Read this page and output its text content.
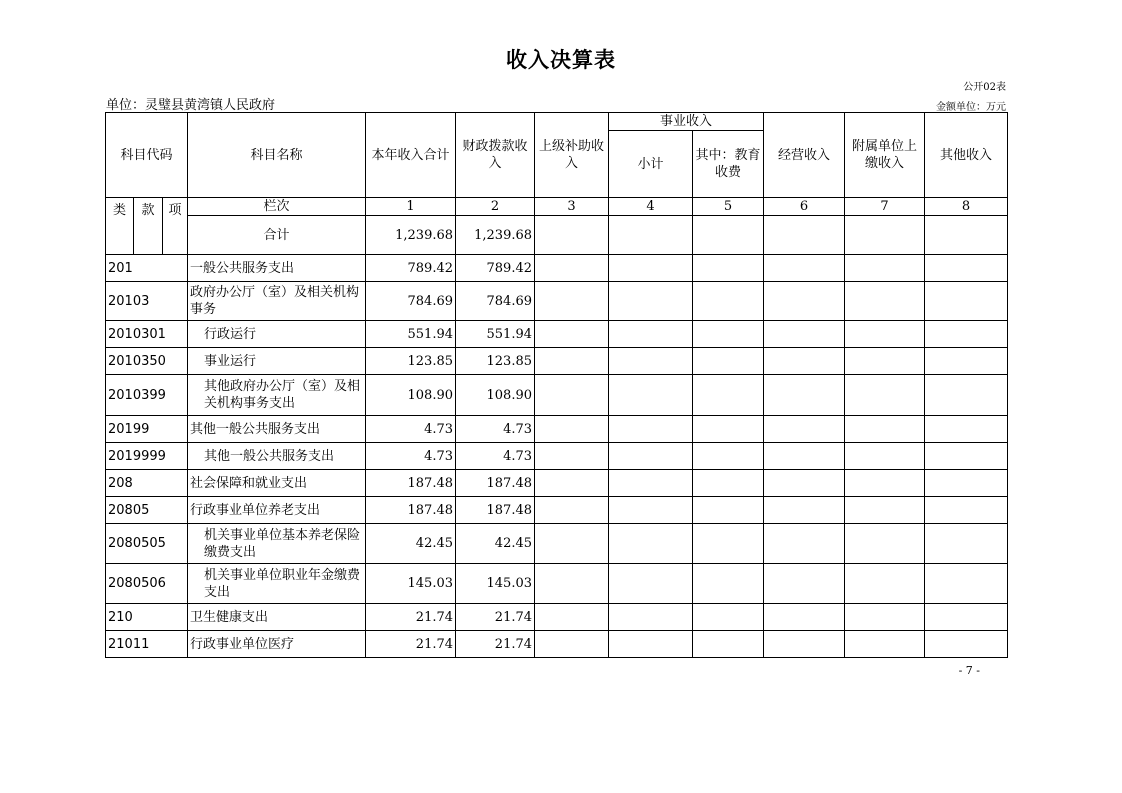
收入决算表
公开02表
单位：灵璧县黄湾镇人民政府	金额单位：万元
科目代码	科目名称	本年收入合计	财政拨款收入	上级补助收入	事业收入		经营收入	附属单位上缴收入	其他收入
					小计	其中：教育收费			

类 款 项	栏次	1	2	3	4	5	6	7	8
	合计	1,239.68	1,239.68						
201	一般公共服务支出	789.42	789.42						
20103	政府办公厅（室）及相关机构事务	784.69	784.69						
2010301	行政运行	551.94	551.94						
2010350	事业运行	123.85	123.85						
2010399	其他政府办公厅（室）及相关机构事务支出	108.90	108.90						
20199	其他一般公共服务支出	4.73	4.73						
2019999	其他一般公共服务支出	4.73	4.73						
208	社会保障和就业支出	187.48	187.48						
20805	行政事业单位养老支出	187.48	187.48						
2080505	机关事业单位基本养老保险缴费支出	42.45	42.45						
2080506	机关事业单位职业年金缴费支出	145.03	145.03						
210	卫生健康支出	21.74	21.74						
21011	行政事业单位医疗	21.74	21.74						
- 7 -
